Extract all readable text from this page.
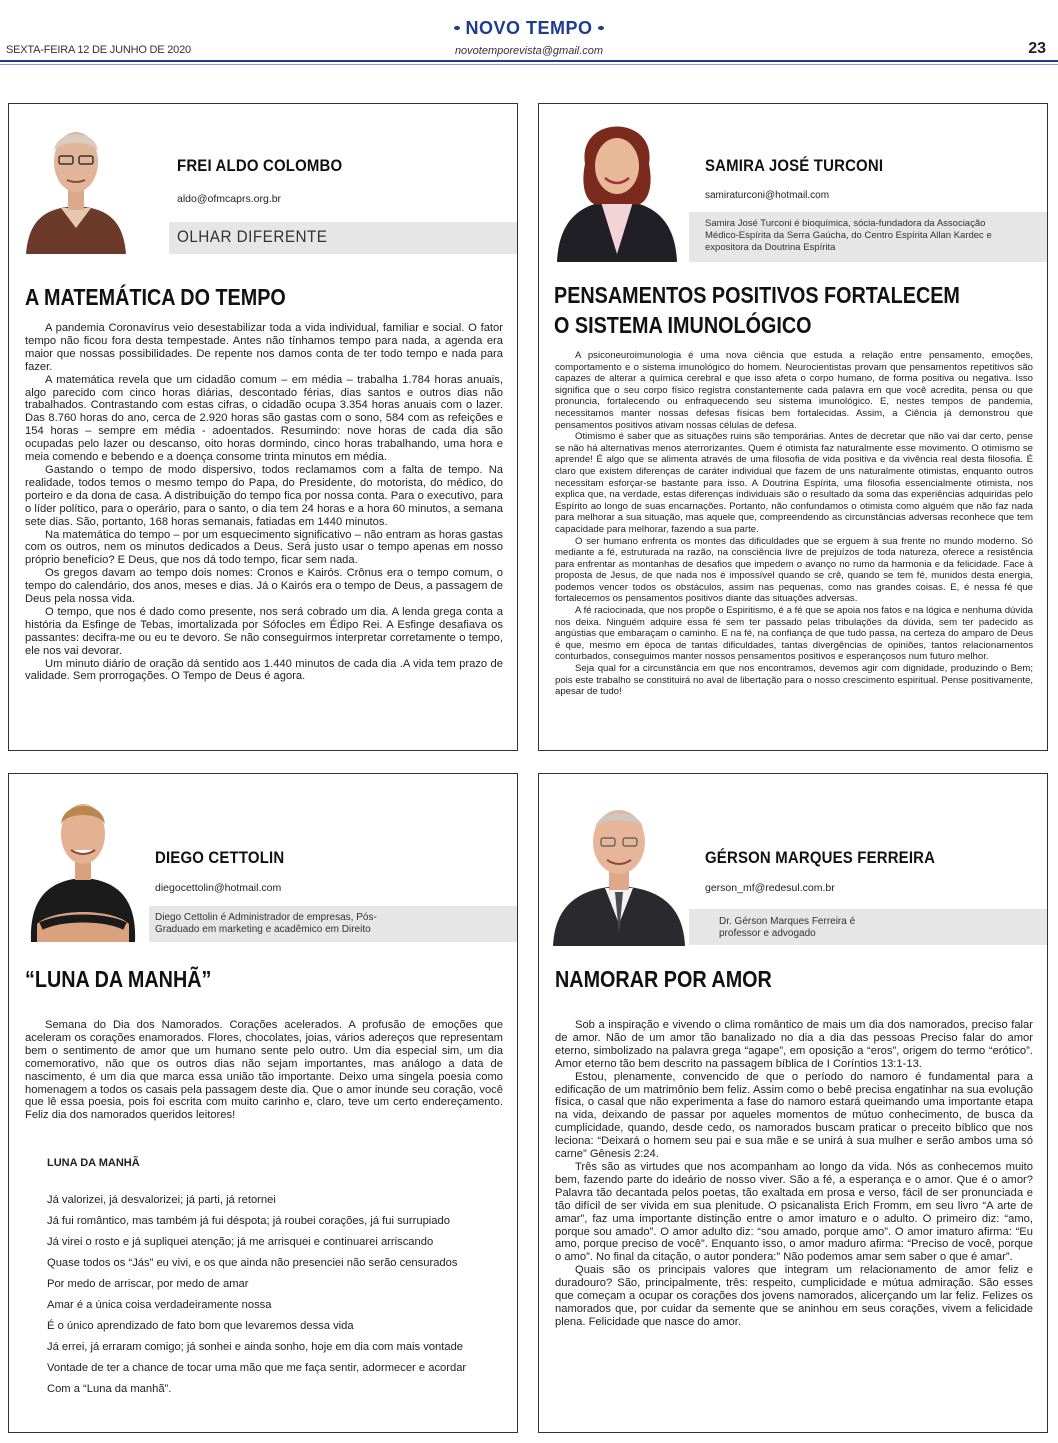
NOVO TEMPO
SEXTA-FEIRA 12 DE JUNHO DE 2020	novotemporevista@gmail.com	23
FREI ALDO COLOMBO
aldo@ofmcaprs.org.br
OLHAR DIFERENTE
A MATEMÁTICA DO TEMPO

A pandemia Coronavírus veio desestabilizar toda a vida individual, familiar e social. O fator tempo não ficou fora desta tempestade. Antes não tínhamos tempo para nada, a agenda era maior que nossas possibilidades. De repente nos damos conta de ter todo tempo e nada para fazer.

A matemática revela que um cidadão comum – em média – trabalha 1.784 horas anuais, algo parecido com cinco horas diárias, descontado férias, dias santos e outros dias não trabalhados. Contrastando com estas cifras, o cidadão ocupa 3.354 horas anuais com o lazer. Das 8.760 horas do ano, cerca de 2.920 horas são gastas com o sono, 584 com as refeições e 154 horas – sempre em média - adoentados. Resumindo: nove horas de cada dia são ocupadas pelo lazer ou descanso, oito horas dormindo, cinco horas trabalhando, uma hora e meia comendo e bebendo e a doença consome trinta minutos em média.

Gastando o tempo de modo dispersivo, todos reclamamos com a falta de tempo. Na realidade, todos temos o mesmo tempo do Papa, do Presidente, do motorista, do médico, do porteiro e da dona de casa. A distribuição do tempo fica por nossa conta. Para o executivo, para o líder político, para o operário, para o santo, o dia tem 24 horas e a hora 60 minutos, a semana sete dias. São, portanto, 168 horas semanais, fatiadas em 1440 minutos.

Na matemática do tempo – por um esquecimento significativo – não entram as horas gastas com os outros, nem os minutos dedicados a Deus. Será justo usar o tempo apenas em nosso próprio benefício? E Deus, que nos dá todo tempo, ficar sem nada.

Os gregos davam ao tempo dois nomes: Cronos e Kairós. Crônus era o tempo comum, o tempo do calendário, dos anos, meses e dias. Já o Kairós era o tempo de Deus, a passagem de Deus pela nossa vida.

O tempo, que nos é dado como presente, nos será cobrado um dia. A lenda grega conta a história da Esfinge de Tebas, imortalizada por Sófocles em Édipo Rei. A Esfinge desafiava os passantes: decifra-me ou eu te devoro. Se não conseguirmos interpretar corretamente o tempo, ele nos vai devorar.

Um minuto diário de oração dá sentido aos 1.440 minutos de cada dia .A vida tem prazo de validade. Sem prorrogações. O Tempo de Deus é agora.

SAMIRA JOSÉ TURCONI
samiraturconi@hotmail.com
Samira José Turconi é bioquímica, sócia-fundadora da Associação Médico-Espírita da Serra Gaúcha, do Centro Espírita Allan Kardec e expositora da Doutrina Espírita
PENSAMENTOS POSITIVOS FORTALECEM
O SISTEMA IMUNOLÓGICO

A psiconeuroimunologia é uma nova ciência que estuda a relação entre pensamento, emoções, comportamento e o sistema imunológico do homem. Neurocientistas provam que pensamentos repetitivos são capazes de alterar a química cerebral e que isso afeta o corpo humano, de forma positiva ou negativa. Isso significa que o seu corpo físico registra constantemente cada palavra em que você acredita, pensa ou que pronuncia, fortalecendo ou enfraquecendo seu sistema imunológico. E, nestes tempos de pandemia, necessitamos manter nossas defesas físicas bem fortalecidas. Assim, a Ciência já demonstrou que pensamentos positivos ativam nossas células de defesa.

Otimismo é saber que as situações ruins são temporárias. Antes de decretar que não vai dar certo, pense se não há alternativas menos aterrorizantes. Quem é otimista faz naturalmente esse movimento. O otimismo se aprende! É algo que se alimenta através de uma filosofia de vida positiva e da vivência real desta filosofia. É claro que existem diferenças de caráter individual que fazem de uns naturalmente otimistas, enquanto outros necessitam esforçar-se bastante para isso. A Doutrina Espírita, uma filosofia essencialmente otimista, nos explica que, na verdade, estas diferenças individuais são o resultado da soma das experiências adquiridas pelo Espírito ao longo de suas encarnações. Portanto, não confundamos o otimista como alguém que não faz nada para melhorar a sua situação, mas aquele que, compreendendo as circunstâncias adversas reconhece que tem capacidade para melhorar, fazendo a sua parte.

O ser humano enfrenta os montes das dificuldades que se erguem à sua frente no mundo moderno. Só mediante a fé, estruturada na razão, na consciência livre de prejuízos de toda natureza, oferece a resistência para enfrentar as montanhas de desafios que impedem o avanço no rumo da harmonia e da felicidade. Face à proposta de Jesus, de que nada nos é impossível quando se crê, quando se tem fé, munidos desta energia, podemos vencer todos os obstáculos, assim nas pequenas, como nas grandes coisas. E, é nessa fé que fortalecemos os pensamentos positivos diante das situações adversas.

A fé raciocinada, que nos propõe o Espiritismo, é a fé que se apoia nos fatos e na lógica e nenhuma dúvida nos deixa. Ninguém adquire essa fé sem ter passado pelas tribulações da dúvida, sem ter padecido as angústias que embaraçam o caminho. E na fé, na confiança de que tudo passa, na certeza do amparo de Deus é que, mesmo em época de tantas dificuldades, tantas divergências de opiniões, tantos relacionamentos conturbados, conseguimos manter nossos pensamentos positivos e esperançosos num futuro melhor.

Seja qual for a circunstância em que nos encontramos, devemos agir com dignidade, produzindo o Bem; pois este trabalho se constituirá no aval de libertação para o nosso crescimento espiritual. Pense positivamente, apesar de tudo!

DIEGO CETTOLIN
diegocettolin@hotmail.com
Diego Cettolin é Administrador de empresas, Pós-Graduado em marketing e acadêmico em Direito
“LUNA DA MANHÃ”

Semana do Dia dos Namorados. Corações acelerados. A profusão de emoções que aceleram os corações enamorados. Flores, chocolates, joias, vários adereços que representam bem o sentimento de amor que um humano sente pelo outro. Um dia especial sim, um dia comemorativo, não que os outros dias não sejam importantes, mas análogo a data de nascimento, é um dia que marca essa união tão importante. Deixo uma singela poesia como homenagem a todos os casais pela passagem deste dia. Que o amor inunde seu coração, você que lê essa poesia, pois foi escrita com muito carinho e, claro, teve um certo endereçamento. Feliz dia dos namorados queridos leitores!

LUNA DA MANHÃ
Já valorizei, já desvalorizei; já parti, já retornei
Já fui romântico, mas também já fui déspota; já roubei corações, já fui surrupiado
Já virei o rosto e já supliquei atenção; já me arrisquei e continuarei arriscando
Quase todos os “Jás” eu vivi, e os que ainda não presenciei não serão censurados
Por medo de arriscar, por medo de amar
Amar é a única coisa verdadeiramente nossa
É o único aprendizado de fato bom que levaremos dessa vida
Já errei, já erraram comigo; já sonhei e ainda sonho, hoje em dia com mais vontade
Vontade de ter a chance de tocar uma mão que me faça sentir, adormecer e acordar
Com a “Luna da manhã”.
GÉRSON MARQUES FERREIRA
gerson_mf@redesul.com.br
Dr. Gérson Marques Ferreira é professor e advogado
NAMORAR POR AMOR

Sob a inspiração e vivendo o clima romântico de mais um dia dos namorados, preciso falar de amor. Não de um amor tão banalizado no dia a dia das pessoas Preciso falar do amor eterno, simbolizado na palavra grega “agape”, em oposição a “eros”, origem do termo “erótico”. Amor eterno tão bem descrito na passagem bíblica de I Coríntios 13:1-13.

Estou, plenamente, convencido de que o período do namoro é fundamental para a edificação de um matrimônio bem feliz. Assim como o bebê precisa engatinhar na sua evolução física, o casal que não experimenta a fase do namoro estará queimando uma importante etapa na vida, deixando de passar por aqueles momentos de mútuo conhecimento, de busca da cumplicidade, quando, desde cedo, os namorados buscam praticar o preceito bíblico que nos leciona: “Deixará o homem seu pai e sua mãe e se unirá à sua mulher e serão ambos uma só carne” Gênesis 2:24.

Três são as virtudes que nos acompanham ao longo da vida. Nós as conhecemos muito bem, fazendo parte do ideário de nosso viver. São a fé, a esperança e o amor. Que é o amor? Palavra tão decantada pelos poetas, tão exaltada em prosa e verso, fácil de ser pronunciada e tão difícil de ser vivida em sua plenitude. O psicanalista Erich Fromm, em seu livro “A arte de amar”, faz uma importante distinção entre o amor imaturo e o adulto. O primeiro diz: “amo, porque sou amado”. O amor adulto diz: “sou amado, porque amo”. O amor imaturo afirma: “Eu amo, porque preciso de você”. Enquanto isso, o amor maduro afirma: “Preciso de você, porque o amo”. No final da citação, o autor pondera:” Não podemos amar sem saber o que é amar”.

Quais são os principais valores que integram um relacionamento de amor feliz e duradouro? São, principalmente, três: respeito, cumplicidade e mútua admiração. São esses que começam a ocupar os corações dos jovens namorados, alicerçando um lar feliz. Felizes os namorados que, por cuidar da semente que se aninhou em seus corações, vivem a felicidade plena. Felicidade que nasce do amor.
